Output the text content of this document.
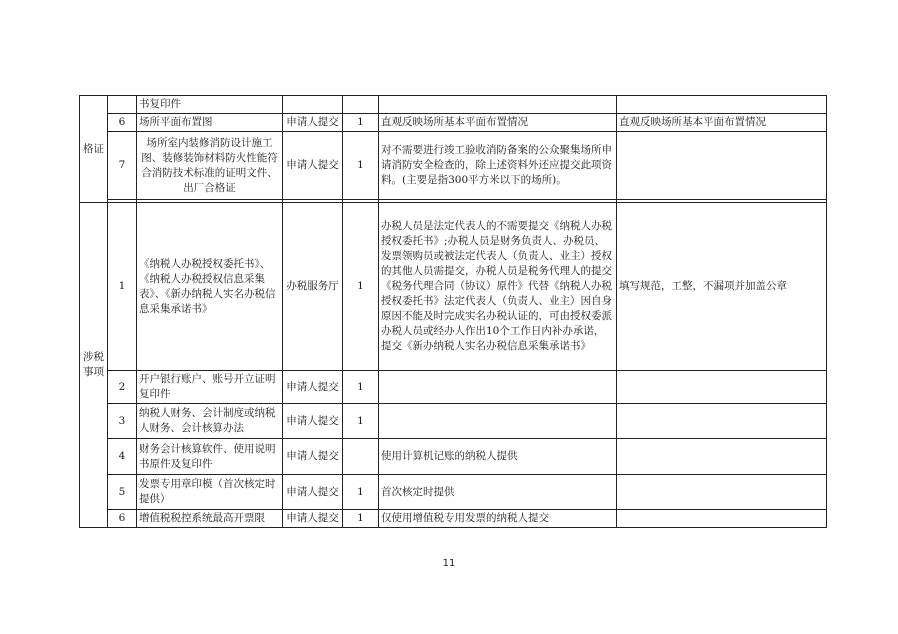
格证		书复印件				
	6	场所平面布置图	申请人提交	1	直观反映场所基本平面布置情况	直观反映场所基本平面布置情况
	7	场所室内装修消防设计施工图、装修装饰材料防火性能符合消防技术标准的证明文件、出厂合格证	申请人提交	1	对不需要进行竣工验收消防备案的公众聚集场所申请消防安全检查的，除上述资料外还应提交此项资料。(主要是指300平方米以下的场所)。	

涉税
事项	1	《纳税人办税授权委托书》、《纳税人办税授权信息采集表》、《新办纳税人实名办税信息采集承诺书》	办税服务厅	1	办税人员是法定代表人的不需要提交《纳税人办税授权委托书》;办税人员是财务负责人、办税员、发票领购员或被法定代表人（负责人、业主）授权的其他人员需提交，办税人员是税务代理人的提交《税务代理合同（协议）原件》代替《纳税人办税授权委托书》法定代表人（负责人、业主）因自身原因不能及时完成实名办税认证的，可由授权委派办税人员或经办人作出10个工作日内补办承诺，提交《新办纳税人实名办税信息采集承诺书》	填写规范，工整，不漏项并加盖公章
	2	开户银行账户、账号开立证明复印件	申请人提交	1		
	3	纳税人财务、会计制度或纳税人财务、会计核算办法	申请人提交	1		
	4	财务会计核算软件、使用说明书原件及复印件	申请人提交		使用计算机记账的纳税人提供	
	5	发票专用章印模（首次核定时提供）	申请人提交	1	首次核定时提供	
	6	增值税税控系统最高开票限	申请人提交	1	仅使用增值税专用发票的纳税人提交	
11
